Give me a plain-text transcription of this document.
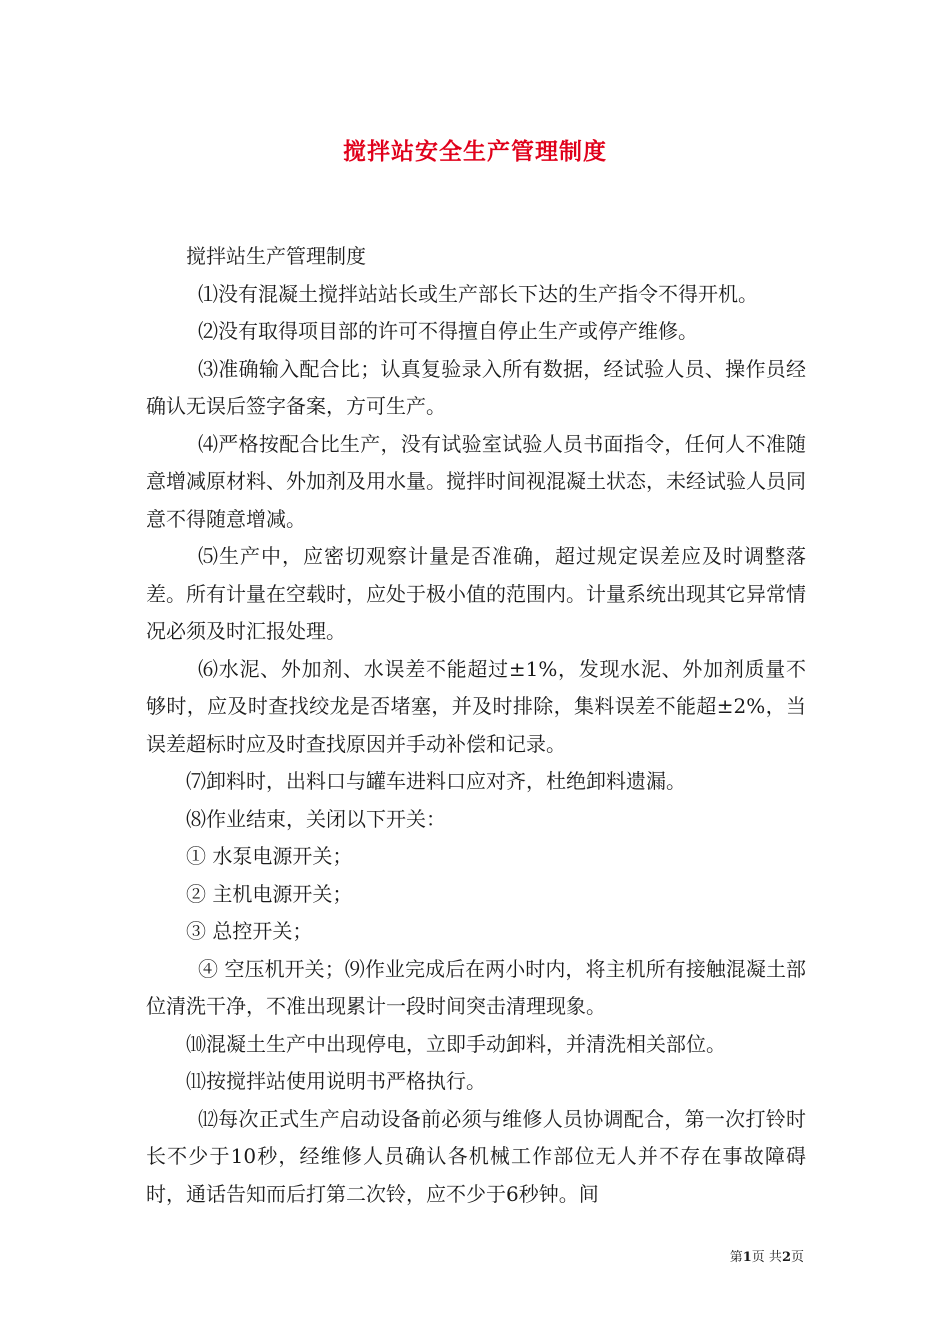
搅拌站安全生产管理制度

搅拌站生产管理制度

⑴没有混凝土搅拌站站长或生产部长下达的生产指令不得开机。

⑵没有取得项目部的许可不得擅自停止生产或停产维修。

⑶准确输入配合比；认真复验录入所有数据，经试验人员、操作员经确认无误后签字备案，方可生产。

⑷严格按配合比生产，没有试验室试验人员书面指令，任何人不准随意增减原材料、外加剂及用水量。搅拌时间视混凝土状态，未经试验人员同意不得随意增减。

⑸生产中，应密切观察计量是否准确，超过规定误差应及时调整落差。所有计量在空载时，应处于极小值的范围内。计量系统出现其它异常情况必须及时汇报处理。

⑹水泥、外加剂、水误差不能超过±1%，发现水泥、外加剂质量不够时，应及时查找绞龙是否堵塞，并及时排除，集料误差不能超±2%，当误差超标时应及时查找原因并手动补偿和记录。

⑺卸料时，出料口与罐车进料口应对齐，杜绝卸料遗漏。

⑻作业结束，关闭以下开关：

① 水泵电源开关；

② 主机电源开关；

③ 总控开关；

④ 空压机开关；⑼作业完成后在两小时内，将主机所有接触混凝土部位清洗干净，不准出现累计一段时间突击清理现象。

⑽混凝土生产中出现停电，立即手动卸料，并清洗相关部位。

⑾按搅拌站使用说明书严格执行。

⑿每次正式生产启动设备前必须与维修人员协调配合，第一次打铃时长不少于10秒，经维修人员确认各机械工作部位无人并不存在事故障碍时，通话告知而后打第二次铃，应不少于6秒钟。间

第1页 共2页
